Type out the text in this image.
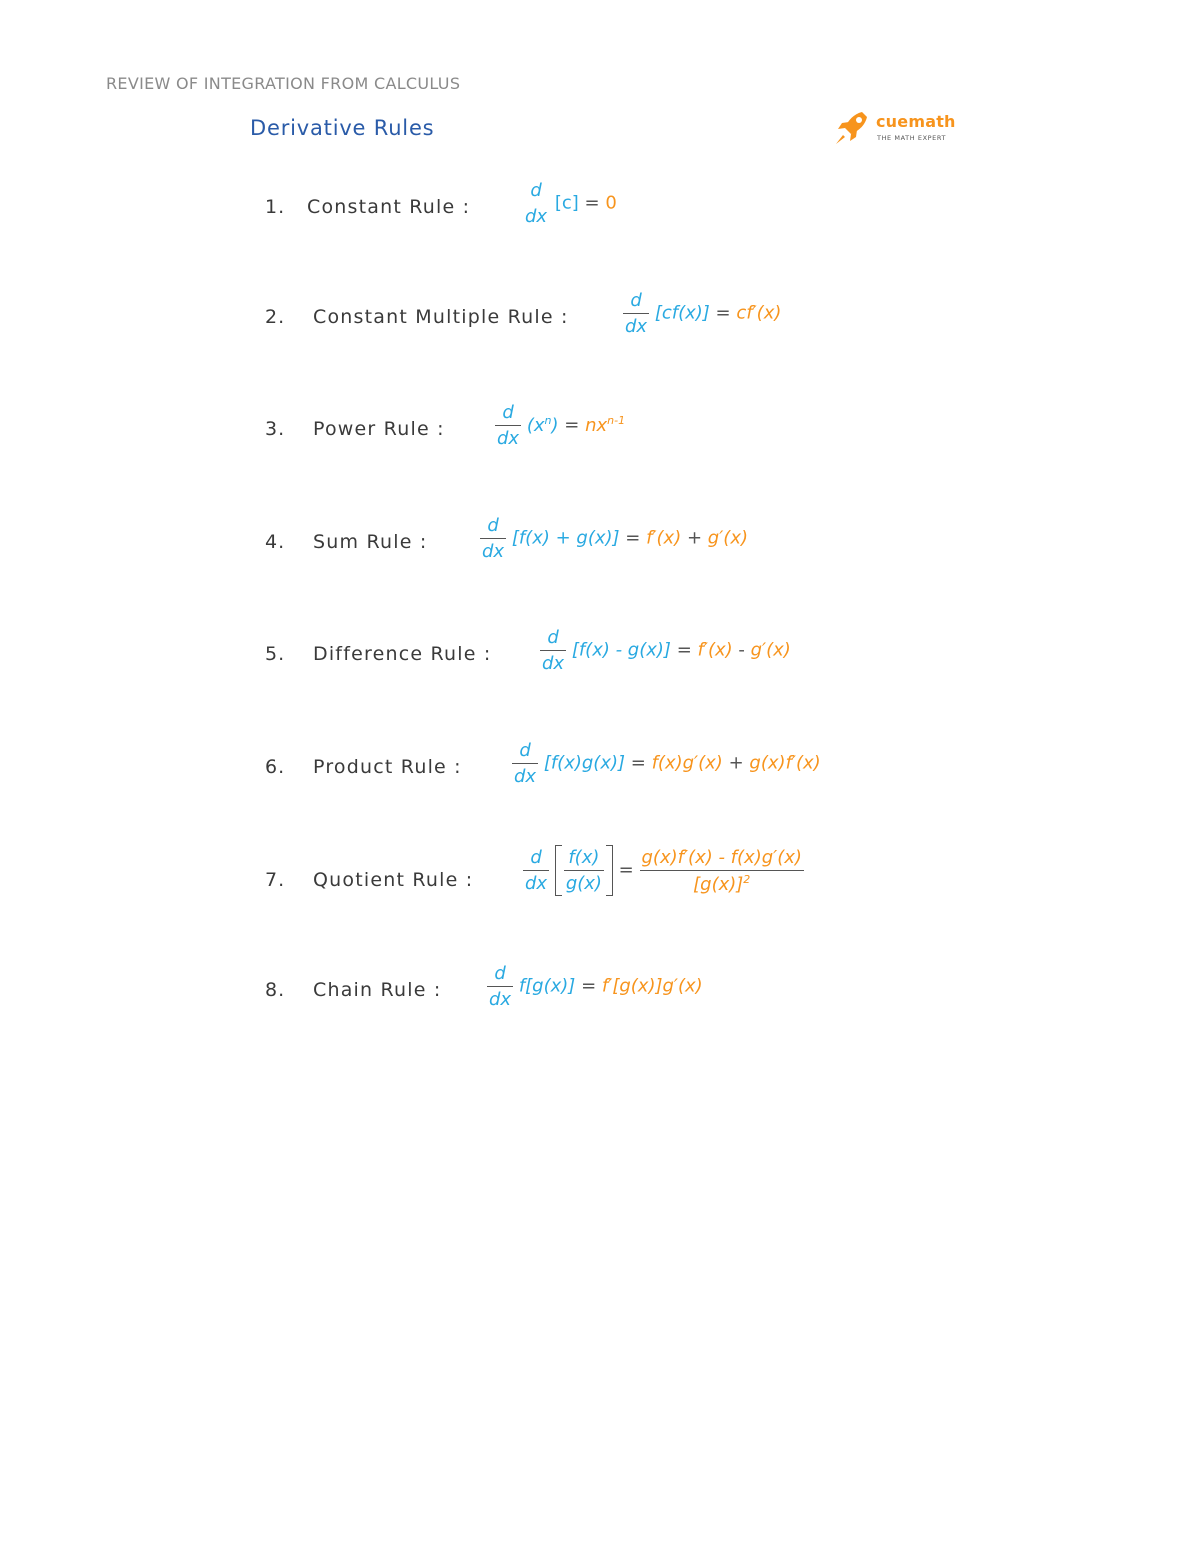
REVIEW OF INTEGRATION FROM CALCULUS
Derivative Rules	cuemath
THE MATH EXPERT
1. Constant Rule :
d
dx
[c] = 0
2. Constant Multiple Rule :	$\frac{d}{dx} [cf(x)] = cf'(x)$
3. Power Rule :	$\frac{d}{dx} (x^n) = nx^{n-1}$
4. Sum Rule :	$\frac{d}{dx} [f(x) + g(x)] = f'(x) + g'(x)$
5. Difference Rule :	$\frac{d}{dx} [f(x) - g(x)] = f'(x) - g'(x)$
6. Product Rule :	$\frac{d}{dx} [f(x)g(x)] = f(x)g'(x) + g(x)f'(x)$
7. Quotient Rule :	$\frac{d}{dx}$
$\frac{f(x)}{g(x)} = \frac{g(x)f'(x) - f(x)g'(x)}{[g(x)]^2}$
8. Chain Rule :	$\frac{d}{dx} f[g(x)] = f'[g(x)]g'(x)$
